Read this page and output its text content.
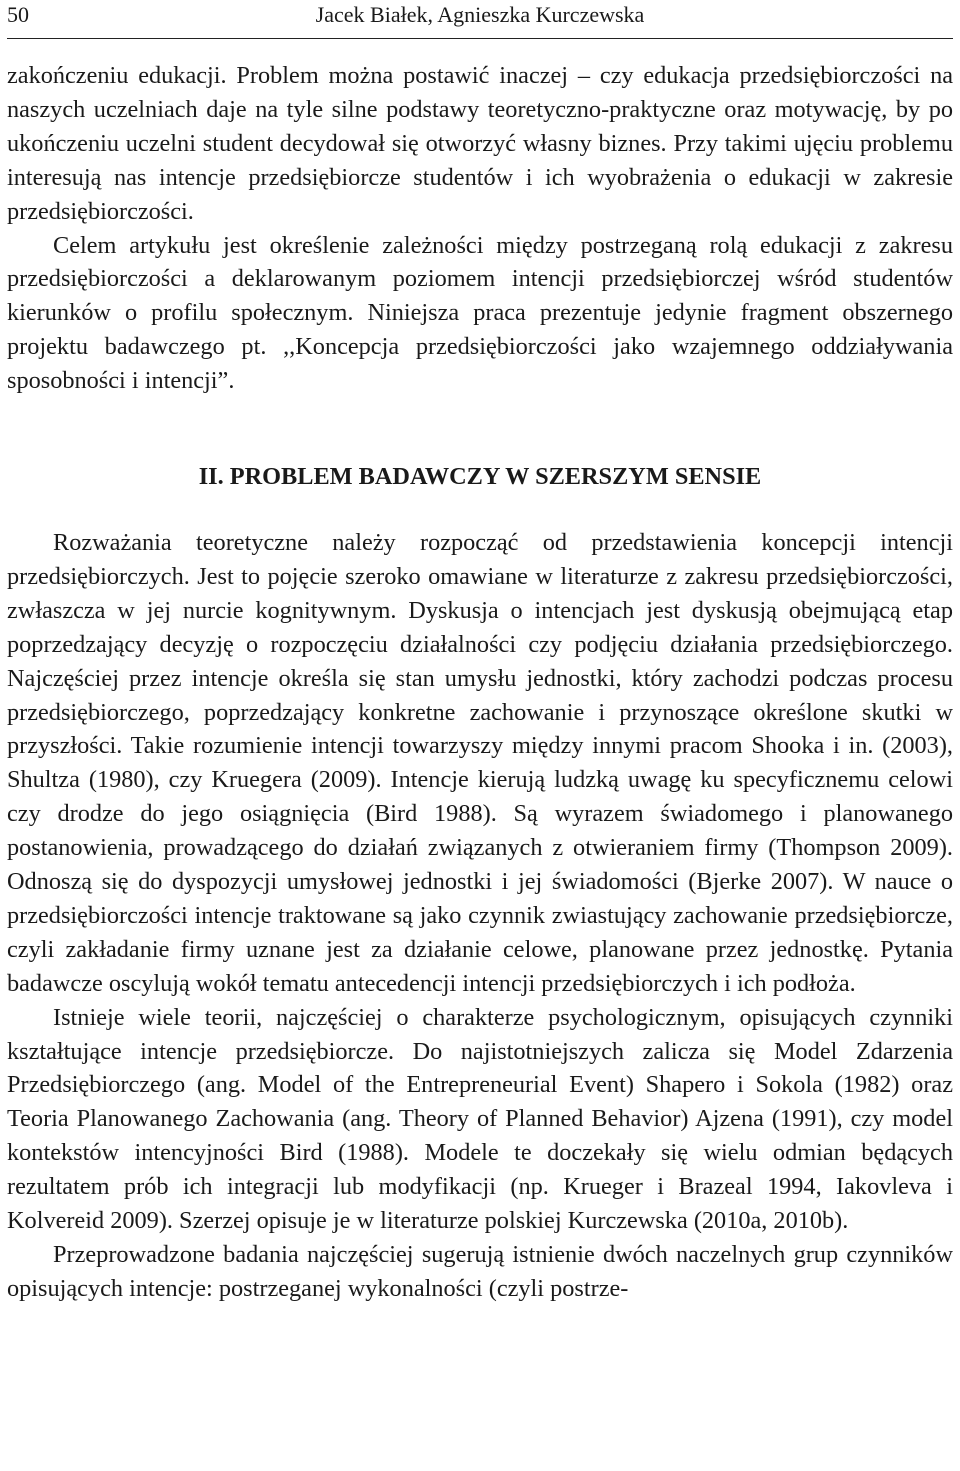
50	Jacek Białek, Agnieszka Kurczewska

zakończeniu edukacji. Problem można postawić inaczej – czy edukacja przedsiębiorczości na naszych uczelniach daje na tyle silne podstawy teoretyczno-praktyczne oraz motywację, by po ukończeniu uczelni student decydował się otworzyć własny biznes. Przy takimi ujęciu problemu interesują nas intencje przedsiębiorcze studentów i ich wyobrażenia o edukacji w zakresie przedsiębiorczości.

Celem artykułu jest określenie zależności między postrzeganą rolą edukacji z zakresu przedsiębiorczości a deklarowanym poziomem intencji przedsiębiorczej wśród studentów kierunków o profilu społecznym. Niniejsza praca prezentuje jedynie fragment obszernego projektu badawczego pt. ,,Koncepcja przedsiębiorczości jako wzajemnego oddziaływania sposobności i intencji”.

II. PROBLEM BADAWCZY W SZERSZYM SENSIE

Rozważania teoretyczne należy rozpocząć od przedstawienia koncepcji intencji przedsiębiorczych. Jest to pojęcie szeroko omawiane w literaturze z zakresu przedsiębiorczości, zwłaszcza w jej nurcie kognitywnym. Dyskusja o intencjach jest dyskusją obejmującą etap poprzedzający decyzję o rozpoczęciu działalności czy podjęciu działania przedsiębiorczego. Najczęściej przez intencje określa się stan umysłu jednostki, który zachodzi podczas procesu przedsiębiorczego, poprzedzający konkretne zachowanie i przynoszące określone skutki w przyszłości. Takie rozumienie intencji towarzyszy między innymi pracom Shooka i in. (2003), Shultza (1980), czy Kruegera (2009). Intencje kierują ludzką uwagę ku specyficznemu celowi czy drodze do jego osiągnięcia (Bird 1988). Są wyrazem świadomego i planowanego postanowienia, prowadzącego do działań związanych z otwieraniem firmy (Thompson 2009). Odnoszą się do dyspozycji umysłowej jednostki i jej świadomości (Bjerke 2007). W nauce o przedsiębiorczości intencje traktowane są jako czynnik zwiastujący zachowanie przedsiębiorcze, czyli zakładanie firmy uznane jest za działanie celowe, planowane przez jednostkę. Pytania badawcze oscylują wokół tematu antecedencji intencji przedsiębiorczych i ich podłoża.

Istnieje wiele teorii, najczęściej o charakterze psychologicznym, opisujących czynniki kształtujące intencje przedsiębiorcze. Do najistotniejszych zalicza się Model Zdarzenia Przedsiębiorczego (ang. Model of the Entrepreneurial Event) Shapero i Sokola (1982) oraz Teoria Planowanego Zachowania (ang. Theory of Planned Behavior) Ajzena (1991), czy model kontekstów intencyjności Bird (1988). Modele te doczekały się wielu odmian będących rezultatem prób ich integracji lub modyfikacji (np. Krueger i Brazeal 1994, Iakovleva i Kolvereid 2009). Szerzej opisuje je w literaturze polskiej Kurczewska (2010a, 2010b).

Przeprowadzone badania najczęściej sugerują istnienie dwóch naczelnych grup czynników opisujących intencje: postrzeganej wykonalności (czyli postrze-
